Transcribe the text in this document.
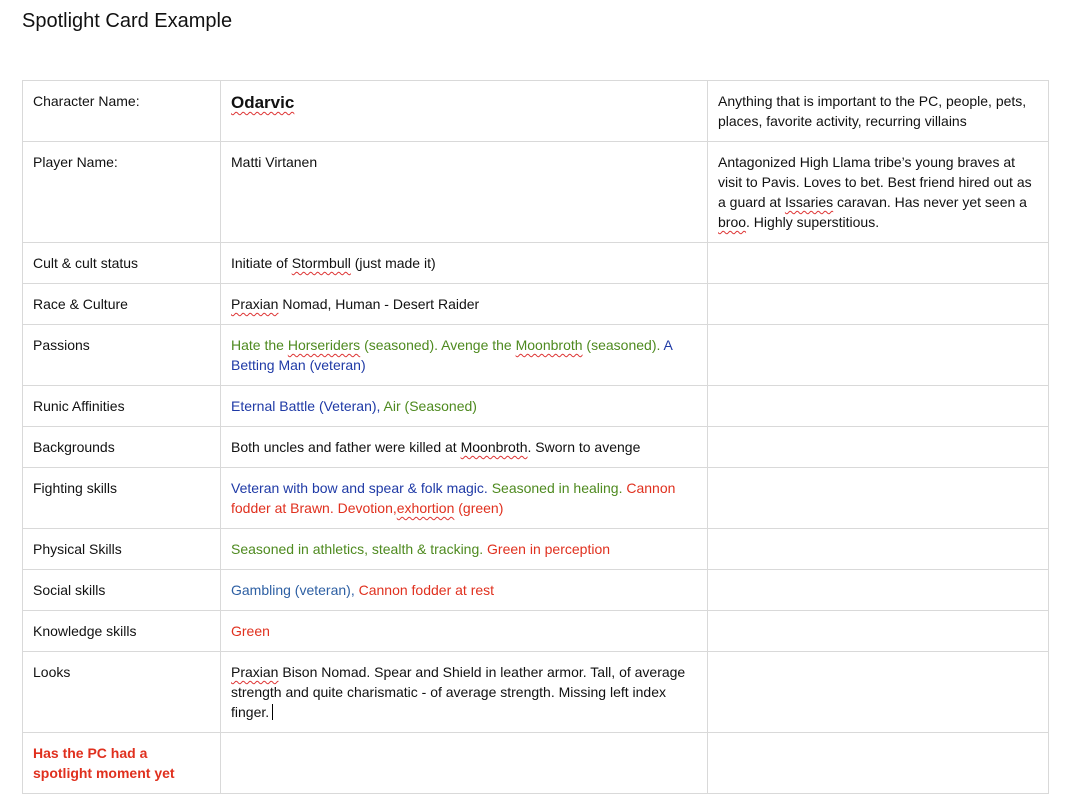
Spotlight Card Example
Character Name:	Odarvic	Anything that is important to the PC, people, pets, places, favorite activity, recurring villains
Player Name:	Matti Virtanen	Antagonized High Llama tribe’s young braves at visit to Pavis. Loves to bet. Best friend hired out as a guard at Issaries caravan. Has never yet seen a broo. Highly superstitious.
Cult & cult status	Initiate of Stormbull (just made it)	
Race & Culture	Praxian Nomad, Human - Desert Raider	
Passions	Hate the Horseriders (seasoned). Avenge the Moonbroth (seasoned). A Betting Man (veteran)	
Runic Affinities	Eternal Battle (Veteran), Air (Seasoned)	
Backgrounds	Both uncles and father were killed at Moonbroth. Sworn to avenge	
Fighting skills	Veteran with bow and spear & folk magic. Seasoned in healing. Cannon fodder at Brawn. Devotion,exhortion (green)	
Physical Skills	Seasoned in athletics, stealth & tracking. Green in perception	
Social skills	Gambling (veteran), Cannon fodder at rest	
Knowledge skills	Green	
Looks	Praxian Bison Nomad. Spear and Shield in leather armor. Tall, of average strength and quite charismatic - of average strength. Missing left index finger.	
Has the PC had a spotlight moment yet		
